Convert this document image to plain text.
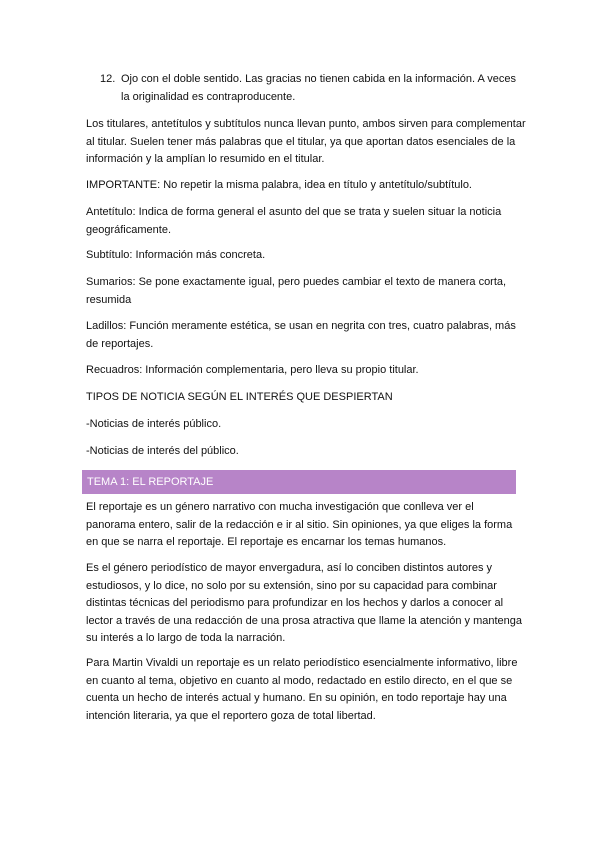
12. Ojo con el doble sentido. Las gracias no tienen cabida en la información. A veces la originalidad es contraproducente.

Los titulares, antetítulos y subtítulos nunca llevan punto, ambos sirven para complementar al titular. Suelen tener más palabras que el titular, ya que aportan datos esenciales de la información y la amplían lo resumido en el titular.

IMPORTANTE: No repetir la misma palabra, idea en título y antetítulo/subtítulo.

Antetítulo: Indica de forma general el asunto del que se trata y suelen situar la noticia geográficamente.

Subtítulo: Información más concreta.

Sumarios: Se pone exactamente igual, pero puedes cambiar el texto de manera corta, resumida

Ladillos: Función meramente estética, se usan en negrita con tres, cuatro palabras, más de reportajes.

Recuadros: Información complementaria, pero lleva su propio titular.

TIPOS DE NOTICIA SEGÚN EL INTERÉS QUE DESPIERTAN

-Noticias de interés público.

-Noticias de interés del público.

TEMA 1: EL REPORTAJE

El reportaje es un género narrativo con mucha investigación que conlleva ver el panorama entero, salir de la redacción e ir al sitio. Sin opiniones, ya que eliges la forma en que se narra el reportaje. El reportaje es encarnar los temas humanos.

Es el género periodístico de mayor envergadura, así lo conciben distintos autores y estudiosos, y lo dice, no solo por su extensión, sino por su capacidad para combinar distintas técnicas del periodismo para profundizar en los hechos y darlos a conocer al lector a través de una redacción de una prosa atractiva que llame la atención y mantenga su interés a lo largo de toda la narración.

Para Martin Vivaldi un reportaje es un relato periodístico esencialmente informativo, libre en cuanto al tema, objetivo en cuanto al modo, redactado en estilo directo, en el que se cuenta un hecho de interés actual y humano. En su opinión, en todo reportaje hay una intención literaria, ya que el reportero goza de total libertad.
